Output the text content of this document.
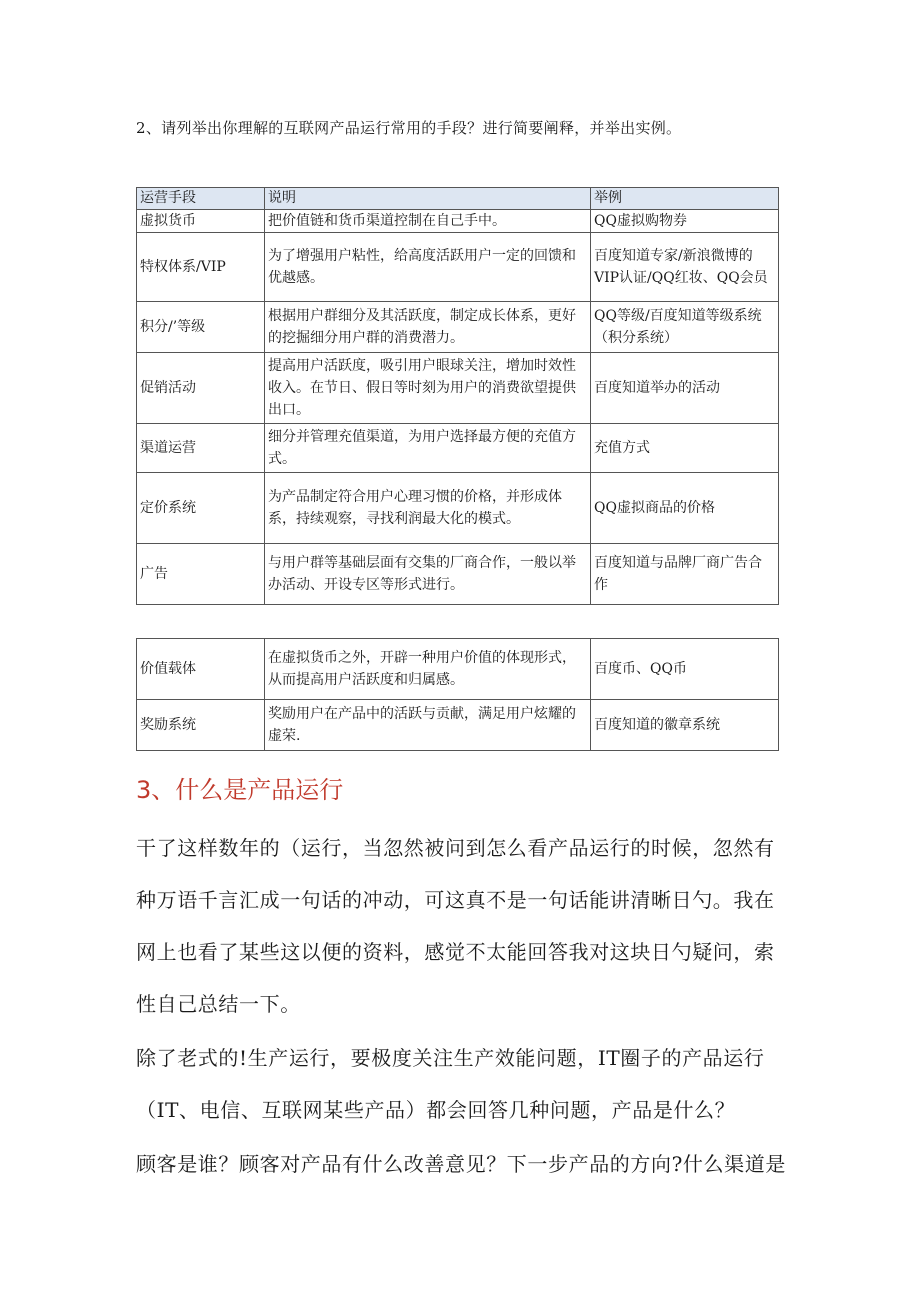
2、请列举出你理解的互联网产品运行常用的手段？进行简要阐释，并举出实例。
运营手段	说明	举例
虚拟货币	把价值链和货币渠道控制在自己手中。	QQ虚拟购物券
特权体系/VIP	为了增强用户粘性，给高度活跃用户一定的回馈和优越感。	百度知道专家/新浪微博的VIP认证/QQ红妆、QQ会员
积分/’等级	根据用户群细分及其活跃度，制定成长体系，更好的挖掘细分用户群的消费潜力。	QQ等级/百度知道等级系统（积分系统）
促销活动	提高用户活跃度，吸引用户眼球关注，增加时效性收入。在节日、假日等时刻为用户的消费欲望提供出口。	百度知道举办的活动
渠道运营	细分并管理充值渠道，为用户选择最方便的充值方式。	充值方式
定价系统	为产品制定符合用户心理习惯的价格，并形成体系，持续观察，寻找利润最大化的模式。	QQ虚拟商品的价格
广告	与用户群等基础层面有交集的厂商合作，一般以举办活动、开设专区等形式进行。	百度知道与品牌厂商广告合作
价值载体	在虚拟货币之外，开辟一种用户价值的体现形式，从而提高用户活跃度和归属感。	百度币、QQ币
奖励系统	奖励用户在产品中的活跃与贡献，满足用户炫耀的虚荣.	百度知道的徽章系统
3、什么是产品运行
干了这样数年的（运行，当忽然被问到怎么看产品运行的时候，忽然有种万语千言汇成一句话的冲动，可这真不是一句话能讲清晰日勺。我在网上也看了某些这以便的资料，感觉不太能回答我对这块日勺疑问，索性自己总结一下。
除了老式的!生产运行，要极度关注生产效能问题，IT圈子的产品运行（IT、电信、互联网某些产品）都会回答几种问题，产品是什么？
顾客是谁？顾客对产品有什么改善意见？下一步产品的方向?什么渠道是
